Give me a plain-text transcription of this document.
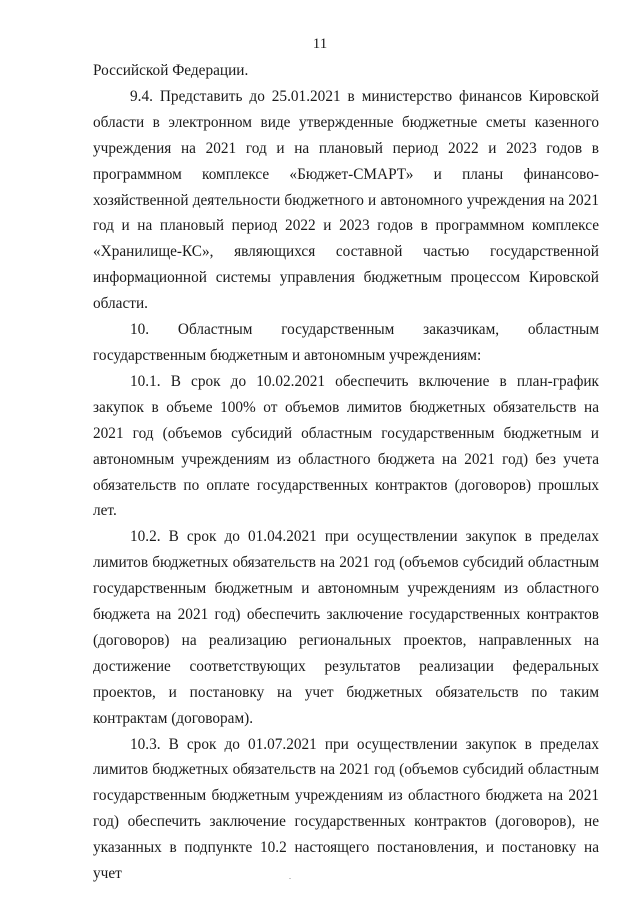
11

Российской Федерации.

9.4. Представить до 25.01.2021 в министерство финансов Кировской области в электронном виде утвержденные бюджетные сметы казенного учреждения на 2021 год и на плановый период 2022 и 2023 годов в программном комплексе «Бюджет-СМАРТ» и планы финансово-хозяйственной деятельности бюджетного и автономного учреждения на 2021 год и на плановый период 2022 и 2023 годов в программном комплексе «Хранилище-КС», являющихся составной частью государственной информационной системы управления бюджетным процессом Кировской области.

10. Областным государственным заказчикам, областным государственным бюджетным и автономным учреждениям:

10.1. В срок до 10.02.2021 обеспечить включение в план-график закупок в объеме 100% от объемов лимитов бюджетных обязательств на 2021 год (объемов субсидий областным государственным бюджетным и автономным учреждениям из областного бюджета на 2021 год) без учета обязательств по оплате государственных контрактов (договоров) прошлых лет.

10.2. В срок до 01.04.2021 при осуществлении закупок в пределах лимитов бюджетных обязательств на 2021 год (объемов субсидий областным государственным бюджетным и автономным учреждениям из областного бюджета на 2021 год) обеспечить заключение государственных контрактов (договоров) на реализацию региональных проектов, направленных на достижение соответствующих результатов реализации федеральных проектов, и постановку на учет бюджетных обязательств по таким контрактам (договорам).

10.3. В срок до 01.07.2021 при осуществлении закупок в пределах лимитов бюджетных обязательств на 2021 год (объемов субсидий областным государственным бюджетным учреждениям из областного бюджета на 2021 год) обеспечить заключение государственных контрактов (договоров), не указанных в подпункте 10.2 настоящего постановления, и постановку на учет
